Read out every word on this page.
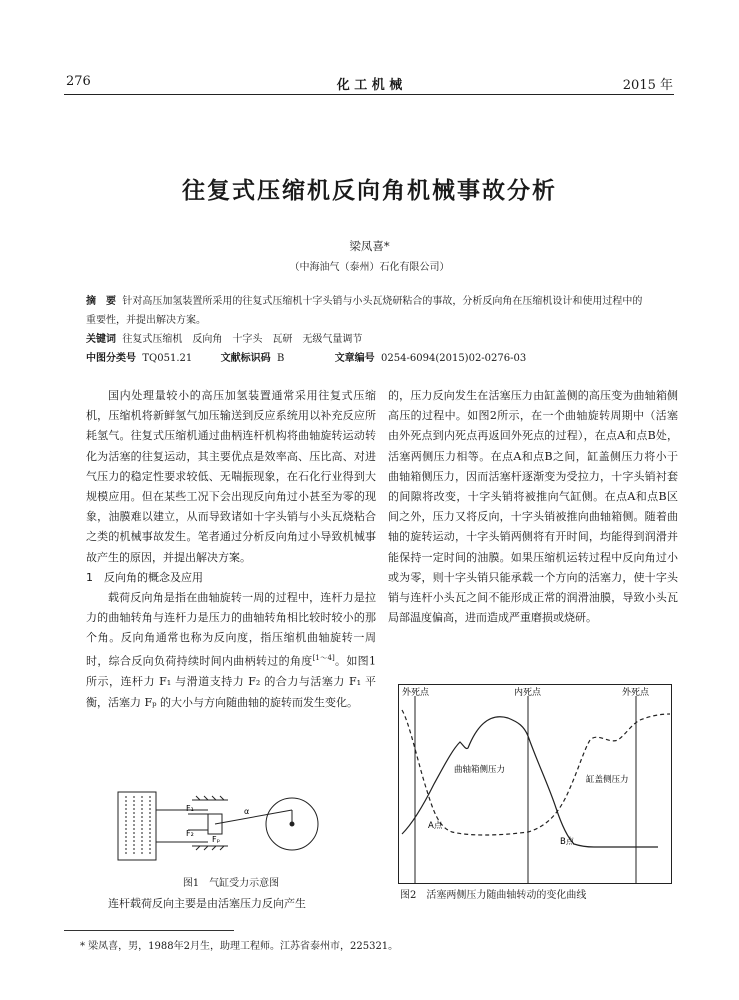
276	化 工 机 械	2015 年
往复式压缩机反向角机械事故分析
梁凤喜*
（中海油气（泰州）石化有限公司）
摘　要 针对高压加氢装置所采用的往复式压缩机十字头销与小头瓦烧研粘合的事故，分析反向角在压缩机设计和使用过程中的重要性，并提出解决方案。
关键词 往复式压缩机　反向角　十字头　瓦研　无级气量调节
中图分类号 TQ051.21	文献标识码 B	文章编号 0254-6094(2015)02-0276-03

国内处理量较小的高压加氢装置通常采用往复式压缩机，压缩机将新鲜氢气加压输送到反应系统用以补充反应所耗氢气。往复式压缩机通过曲柄连杆机构将曲轴旋转运动转化为活塞的往复运动，其主要优点是效率高、压比高、对进气压力的稳定性要求较低、无喘振现象，在石化行业得到大规模应用。但在某些工况下会出现反向角过小甚至为零的现象，油膜难以建立，从而导致诸如十字头销与小头瓦烧粘合之类的机械事故发生。笔者通过分析反向角过小导致机械事故产生的原因，并提出解决方案。

1　反向角的概念及应用

载荷反向角是指在曲轴旋转一周的过程中，连杆力是拉力的曲轴转角与连杆力是压力的曲轴转角相比较时较小的那个角。反向角通常也称为反向度，指压缩机曲轴旋转一周时，综合反向负荷持续时间内曲柄转过的角度[1～4]。如图1所示，连杆力 F₁ 与滑道支持力 F₂ 的合力与活塞力 F₁ 平衡，活塞力 Fₚ 的大小与方向随曲轴的旋转而发生变化。

F₁
F₂
Fₚ
α
图1　气缸受力示意图

连杆载荷反向主要是由活塞压力反向产生

的，压力反向发生在活塞压力由缸盖侧的高压变为曲轴箱侧高压的过程中。如图2所示，在一个曲轴旋转周期中（活塞由外死点到内死点再返回外死点的过程），在点A和点B处，活塞两侧压力相等。在点A和点B之间，缸盖侧压力将小于曲轴箱侧压力，因而活塞杆逐渐变为受拉力，十字头销衬套的间隙将改变，十字头销将被推向气缸侧。在点A和点B区间之外，压力又将反向，十字头销被推向曲轴箱侧。随着曲轴的旋转运动，十字头销两侧将有开时间，均能得到润滑并能保持一定时间的油膜。如果压缩机运转过程中反向角过小或为零，则十字头销只能承载一个方向的活塞力，使十字头销与连杆小头瓦之间不能形成正常的润滑油膜，导致小头瓦局部温度偏高，进而造成严重磨损或烧研。

外死点	内死点	外死点
曲轴箱侧压力
缸盖侧压力
A点
B点
图2　活塞两侧压力随曲轴转动的变化曲线
* 梁凤喜，男，1988年2月生，助理工程师。江苏省泰州市，225321。
